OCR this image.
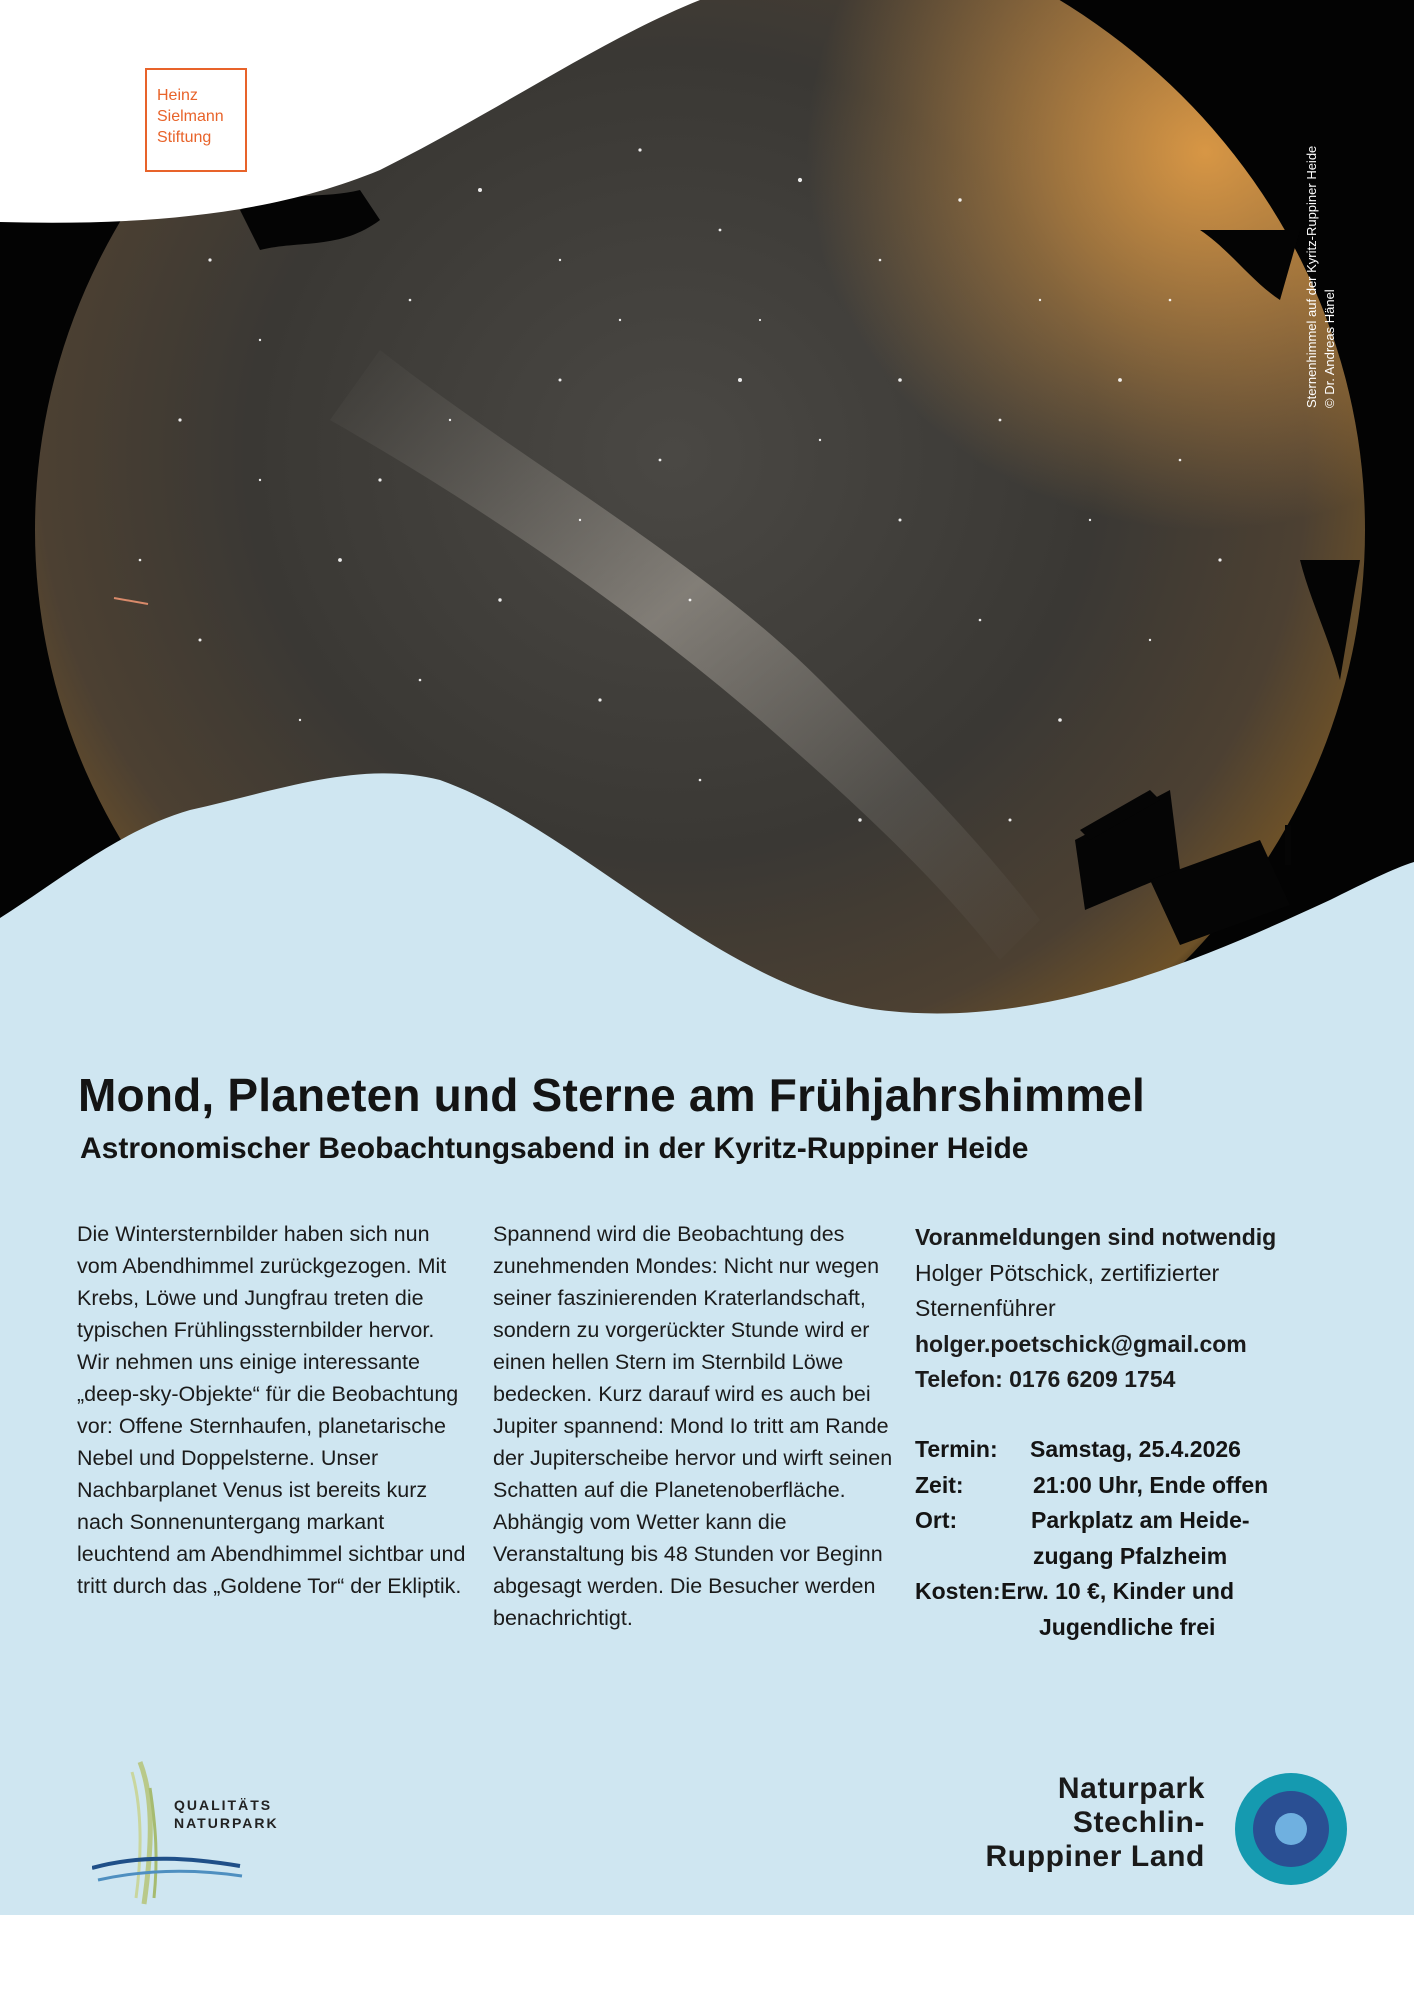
Heinz
Sielmann
Stiftung
Sternenhimmel auf der Kyritz-Ruppiner Heide © Dr. Andreas Hänel
Mond, Planeten und Sterne am Frühjahrshimmel
Astronomischer Beobachtungsabend in der Kyritz-Ruppiner Heide

Die Wintersternbilder haben sich nun vom Abendhimmel zurückgezogen. Mit Krebs, Löwe und Jungfrau treten die typischen Frühlingssternbilder hervor. Wir nehmen uns einige interessante „deep-sky-Objekte“ für die Beobachtung vor: Offene Sternhaufen, planetarische Nebel und Doppelsterne. Unser Nachbarplanet Venus ist bereits kurz nach Sonnenuntergang markant leuchtend am Abendhimmel sichtbar und tritt durch das „Goldene Tor“ der Ekliptik.

Spannend wird die Beobachtung des zunehmenden Mondes: Nicht nur wegen seiner faszinierenden Kraterlandschaft, sondern zu vorgerückter Stunde wird er einen hellen Stern im Sternbild Löwe bedecken. Kurz darauf wird es auch bei Jupiter spannend: Mond Io tritt am Rande der Jupiterscheibe hervor und wirft seinen Schatten auf die Planetenoberfläche. Abhängig vom Wetter kann die Veranstaltung bis 48 Stunden vor Beginn abgesagt werden. Die Besucher werden benachrichtigt.

Voranmeldungen sind notwendig
Holger Pötschick, zertifizierter
Sternenführer
holger.poetschick@gmail.com
Telefon: 0176 6209 1754
Termin: Samstag, 25.4.2026
Zeit:	21:00 Uhr, Ende offen
Ort:	Parkplatz am Heide-
zugang Pfalzheim
Kosten: Erw. 10 €, Kinder und
Jugendliche frei
QUALITÄTS
NATURPARK
Naturpark
Stechlin-
Ruppiner Land
